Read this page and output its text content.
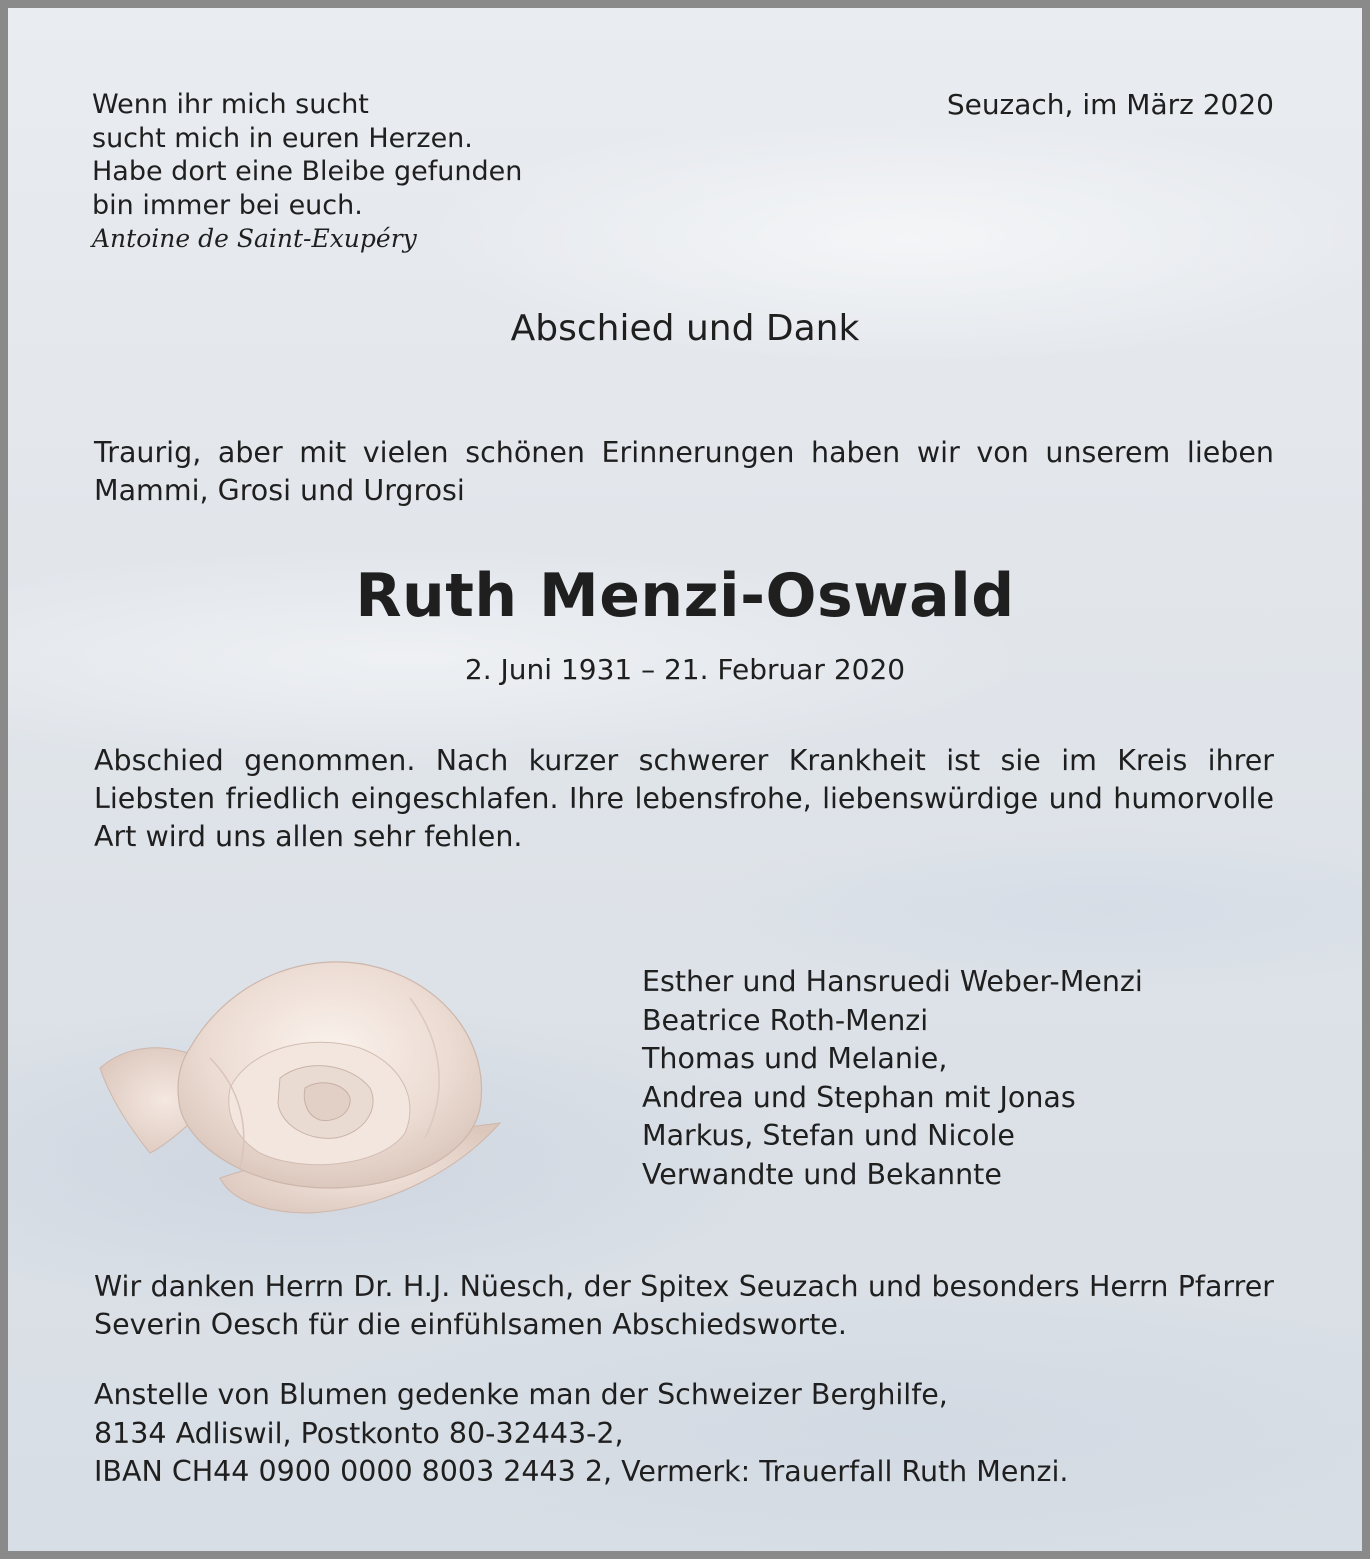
Wenn ihr mich sucht
sucht mich in euren Herzen.
Habe dort eine Bleibe gefunden
bin immer bei euch.
Antoine de Saint-Exupéry
Seuzach, im März 2020
Abschied und Dank
Traurig, aber mit vielen schönen Erinnerungen haben wir von unserem lieben Mammi, Grosi und Urgrosi
Ruth Menzi-Oswald
2. Juni 1931 – 21. Februar 2020
Abschied genommen. Nach kurzer schwerer Krankheit ist sie im Kreis ihrer Liebsten friedlich eingeschlafen. Ihre lebensfrohe, liebenswürdige und humorvolle Art wird uns allen sehr fehlen.
Esther und Hansruedi Weber-Menzi
Beatrice Roth-Menzi
Thomas und Melanie,
Andrea und Stephan mit Jonas
Markus, Stefan und Nicole
Verwandte und Bekannte
Wir danken Herrn Dr. H.J. Nüesch, der Spitex Seuzach und besonders Herrn Pfarrer Severin Oesch für die einfühlsamen Abschiedsworte.
Anstelle von Blumen gedenke man der Schweizer Berghilfe,
8134 Adliswil, Postkonto 80-32443-2,
IBAN CH44 0900 0000 8003 2443 2, Vermerk: Trauerfall Ruth Menzi.
